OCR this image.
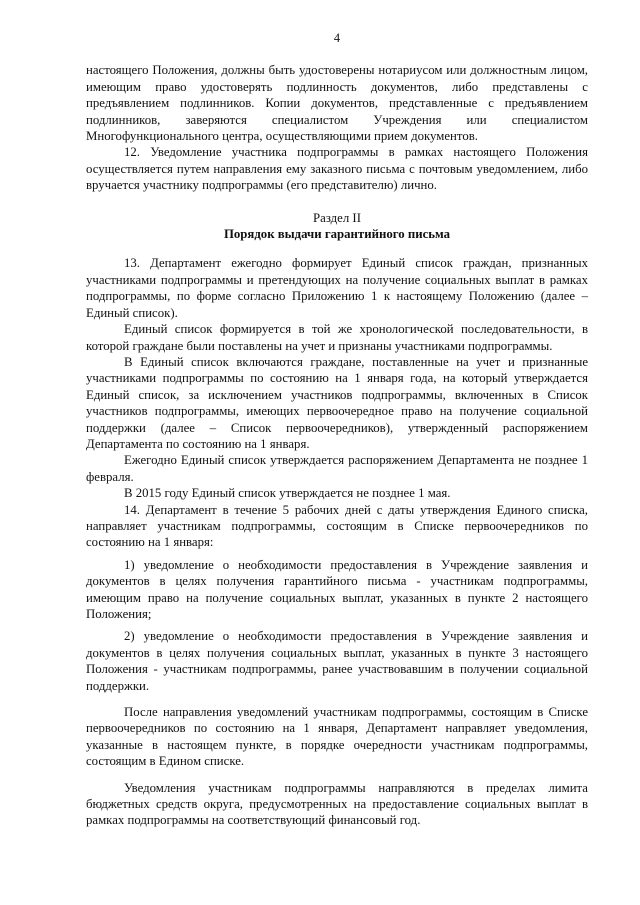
4

настоящего Положения, должны быть удостоверены нотариусом или должностным лицом, имеющим право удостоверять подлинность документов, либо представлены с предъявлением подлинников. Копии документов, представленные с предъявлением подлинников, заверяются специалистом Учреждения или специалистом Многофункционального центра, осуществляющими прием документов.

12. Уведомление участника подпрограммы в рамках настоящего Положения осуществляется путем направления ему заказного письма с почтовым уведомлением, либо вручается участнику подпрограммы (его представителю) лично.

Раздел II
Порядок выдачи гарантийного письма

13. Департамент ежегодно формирует Единый список граждан, признанных участниками подпрограммы и претендующих на получение социальных выплат в рамках подпрограммы, по форме согласно Приложению 1 к настоящему Положению (далее – Единый список).

Единый список формируется в той же хронологической последовательности, в которой граждане были поставлены на учет и признаны участниками подпрограммы.

В Единый список включаются граждане, поставленные на учет и признанные участниками подпрограммы по состоянию на 1 января года, на который утверждается Единый список, за исключением участников подпрограммы, включенных в Список участников подпрограммы, имеющих первоочередное право на получение социальной поддержки (далее – Список первоочередников), утвержденный распоряжением Департамента по состоянию на 1 января.

Ежегодно Единый список утверждается распоряжением Департамента не позднее 1 февраля.

В 2015 году Единый список утверждается не позднее 1 мая.

14. Департамент в течение 5 рабочих дней с даты утверждения Единого списка, направляет участникам подпрограммы, состоящим в Списке первоочередников по состоянию на 1 января:

1) уведомление о необходимости предоставления в Учреждение заявления и документов в целях получения гарантийного письма - участникам подпрограммы, имеющим право на получение социальных выплат, указанных в пункте 2 настоящего Положения;

2) уведомление о необходимости предоставления в Учреждение заявления и документов в целях получения социальных выплат, указанных в пункте 3 настоящего Положения - участникам подпрограммы, ранее участвовавшим в получении социальной поддержки.

После направления уведомлений участникам подпрограммы, состоящим в Списке первоочередников по состоянию на 1 января, Департамент направляет уведомления, указанные в настоящем пункте, в порядке очередности участникам подпрограммы, состоящим в Едином списке.

Уведомления участникам подпрограммы направляются в пределах лимита бюджетных средств округа, предусмотренных на предоставление социальных выплат в рамках подпрограммы на соответствующий финансовый год.
